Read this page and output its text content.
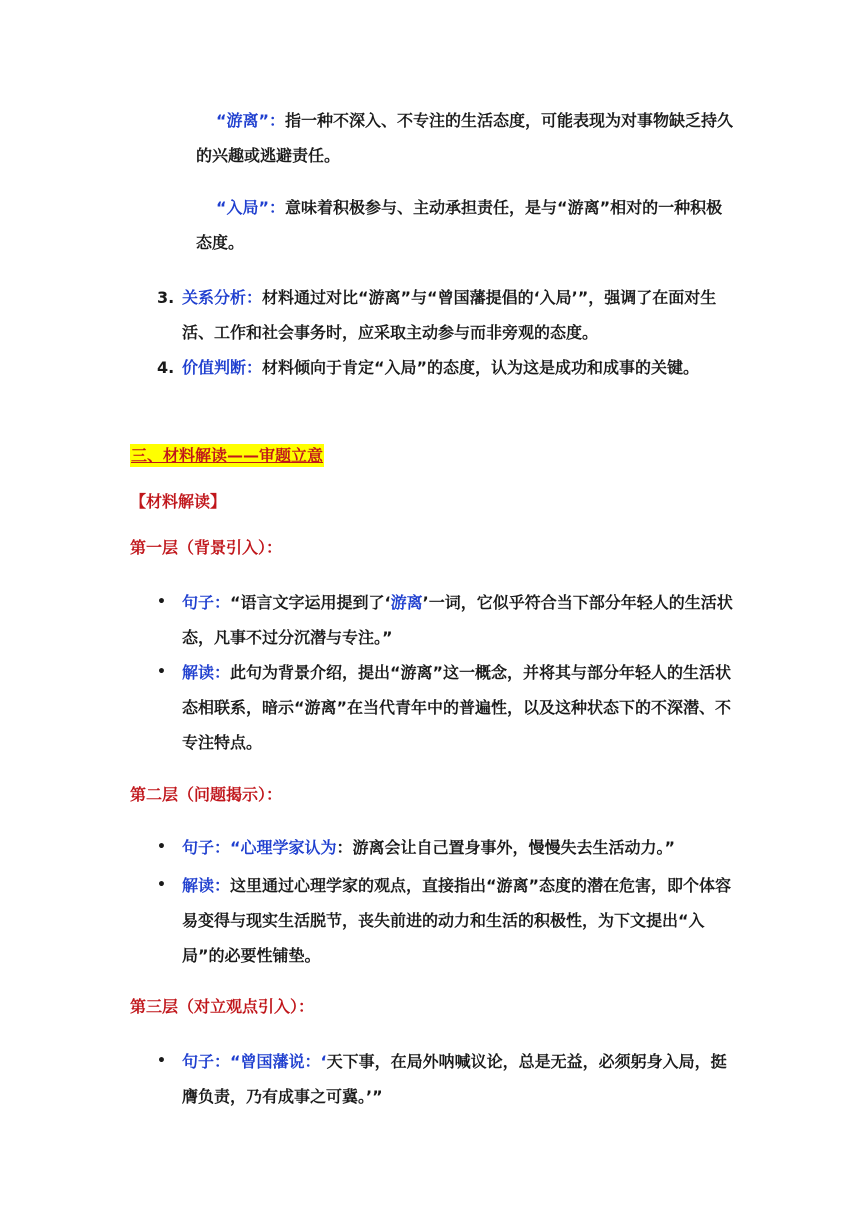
“游离”：指一种不深入、不专注的生活态度，可能表现为对事物缺乏持久的兴趣或逃避责任。

“入局”：意味着积极参与、主动承担责任，是与“游离”相对的一种积极态度。

3. 关系分析：材料通过对比“游离”与“曾国藩提倡的‘入局’”，强调了在面对生活、工作和社会事务时，应采取主动参与而非旁观的态度。

4. 价值判断：材料倾向于肯定“入局”的态度，认为这是成功和成事的关键。

三、材料解读——审题立意
【材料解读】
第一层（背景引入）：
• 句子：“语言文字运用提到了‘游离’一词，它似乎符合当下部分年轻人的生活状态，凡事不过分沉潜与专注。”

• 解读：此句为背景介绍，提出“游离”这一概念，并将其与部分年轻人的生活状态相联系，暗示“游离”在当代青年中的普遍性，以及这种状态下的不深潜、不专注特点。

第二层（问题揭示）：
• 句子：“心理学家认为：游离会让自己置身事外，慢慢失去生活动力。”

• 解读：这里通过心理学家的观点，直接指出“游离”态度的潜在危害，即个体容易变得与现实生活脱节，丧失前进的动力和生活的积极性，为下文提出“入局”的必要性铺垫。

第三层（对立观点引入）：
• 句子：“曾国藩说：‘天下事，在局外呐喊议论，总是无益，必须躬身入局，挺膺负责，乃有成事之可冀。’”
